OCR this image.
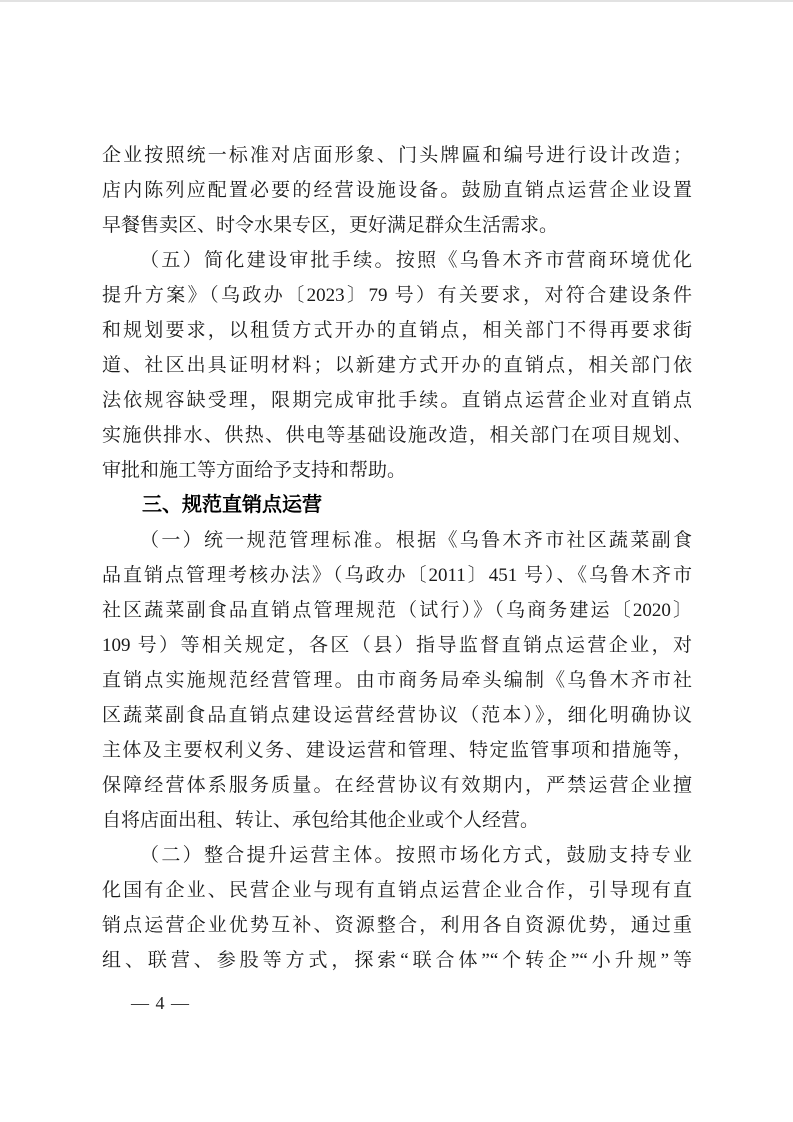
企业按照统一标准对店面形象、门头牌匾和编号进行设计改造；
店内陈列应配置必要的经营设施设备。鼓励直销点运营企业设置
早餐售卖区、时令水果专区，更好满足群众生活需求。
（五）简化建设审批手续。按照《乌鲁木齐市营商环境优化
提升方案》（乌政办〔2023〕79 号）有关要求，对符合建设条件
和规划要求，以租赁方式开办的直销点，相关部门不得再要求街
道、社区出具证明材料；以新建方式开办的直销点，相关部门依
法依规容缺受理，限期完成审批手续。直销点运营企业对直销点
实施供排水、供热、供电等基础设施改造，相关部门在项目规划、
审批和施工等方面给予支持和帮助。
三、规范直销点运营
（一）统一规范管理标准。根据《乌鲁木齐市社区蔬菜副食
品直销点管理考核办法》（乌政办〔2011〕451 号）、《乌鲁木齐市
社区蔬菜副食品直销点管理规范（试行）》（乌商务建运〔2020〕
109 号）等相关规定，各区（县）指导监督直销点运营企业，对
直销点实施规范经营管理。由市商务局牵头编制《乌鲁木齐市社
区蔬菜副食品直销点建设运营经营协议（范本）》，细化明确协议
主体及主要权利义务、建设运营和管理、特定监管事项和措施等，
保障经营体系服务质量。在经营协议有效期内，严禁运营企业擅
自将店面出租、转让、承包给其他企业或个人经营。
（二）整合提升运营主体。按照市场化方式，鼓励支持专业
化国有企业、民营企业与现有直销点运营企业合作，引导现有直
销点运营企业优势互补、资源整合，利用各自资源优势，通过重
组、联营、参股等方式，探索“联合体”“个转企”“小升规”等
— 4 —
